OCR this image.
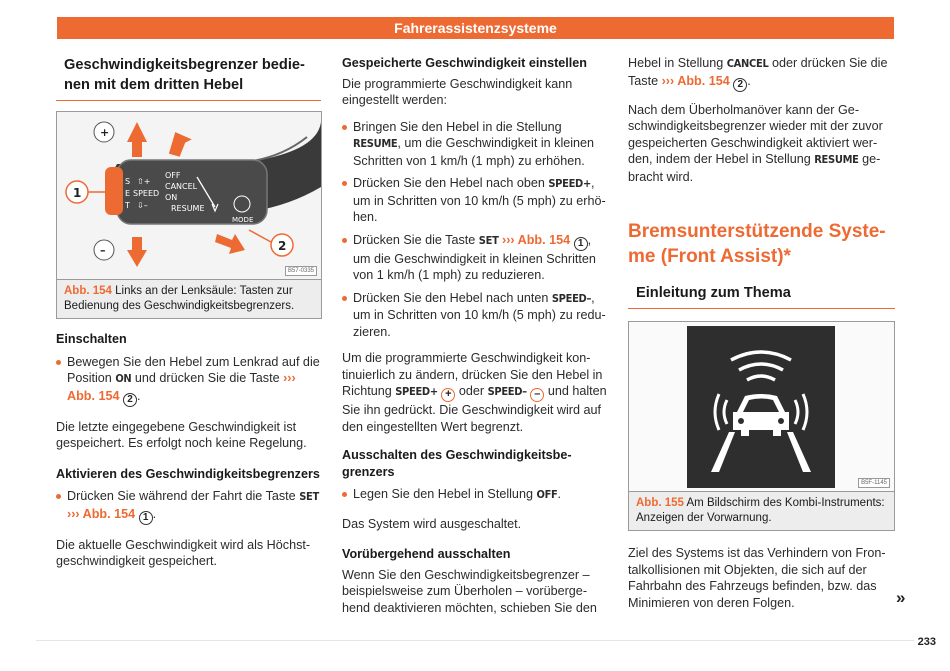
Fahrerassistenzsysteme
Geschwindigkeitsbegrenzer bedienen mit dem dritten Hebel
S
E
T
⇧+
SPEED
⇩–
OFF
CANCEL
ON
RESUME
MODE
+
–
1
2
B57-0335
Abb. 154 Links an der Lenksäule: Tasten zur Bedienung des Geschwindigkeitsbegrenzers.
Einschalten
Bewegen Sie den Hebel zum Lenkrad auf die Position ON und drücken Sie die Taste ››› Abb. 154 2 .

Die letzte eingegebene Geschwindigkeit ist gespeichert. Es erfolgt noch keine Regelung.

Aktivieren des Geschwindigkeitsbegrenzers
Drücken Sie während der Fahrt die Taste SET ››› Abb. 154 1 .

Die aktuelle Geschwindigkeit wird als Höchstgeschwindigkeit gespeichert.

Gespeicherte Geschwindigkeit einstellen

Die programmierte Geschwindigkeit kann eingestellt werden:

Bringen Sie den Hebel in die Stellung RESUME, um die Geschwindigkeit in kleinen Schritten von 1 km/h (1 mph) zu erhöhen.
Drücken Sie den Hebel nach oben SPEED+, um in Schritten von 10 km/h (5 mph) zu erhöhen.
Drücken Sie die Taste SET ››› Abb. 154 1 , um die Geschwindigkeit in kleinen Schritten von 1 km/h (1 mph) zu reduzieren.
Drücken Sie den Hebel nach unten SPEED–, um in Schritten von 10 km/h (5 mph) zu reduzieren.

Um die programmierte Geschwindigkeit kontinuierlich zu ändern, drücken Sie den Hebel in Richtung SPEED+ + oder SPEED– – und halten Sie ihn gedrückt. Die Geschwindigkeit wird auf den eingestellten Wert begrenzt.

Ausschalten des Geschwindigkeitsbegrenzers
Legen Sie den Hebel in Stellung OFF.

Das System wird ausgeschaltet.

Vorübergehend ausschalten

Wenn Sie den Geschwindigkeitsbegrenzer – beispielsweise zum Überholen – vorübergehend deaktivieren möchten, schieben Sie den

Hebel in Stellung CANCEL oder drücken Sie die Taste ››› Abb. 154 2 .

Nach dem Überholmanöver kann der Geschwindigkeitsbegrenzer wieder mit der zuvor gespeicherten Geschwindigkeit aktiviert werden, indem der Hebel in Stellung RESUME gebracht wird.

Bremsunterstützende Systeme (Front Assist)*
Einleitung zum Thema
B5F-1145
Abb. 155 Am Bildschirm des Kombi-Instruments: Anzeigen der Vorwarnung.

Ziel des Systems ist das Verhindern von Frontalkollisionen mit Objekten, die sich auf der Fahrbahn des Fahrzeugs befinden, bzw. das Minimieren von deren Folgen.	»
233
